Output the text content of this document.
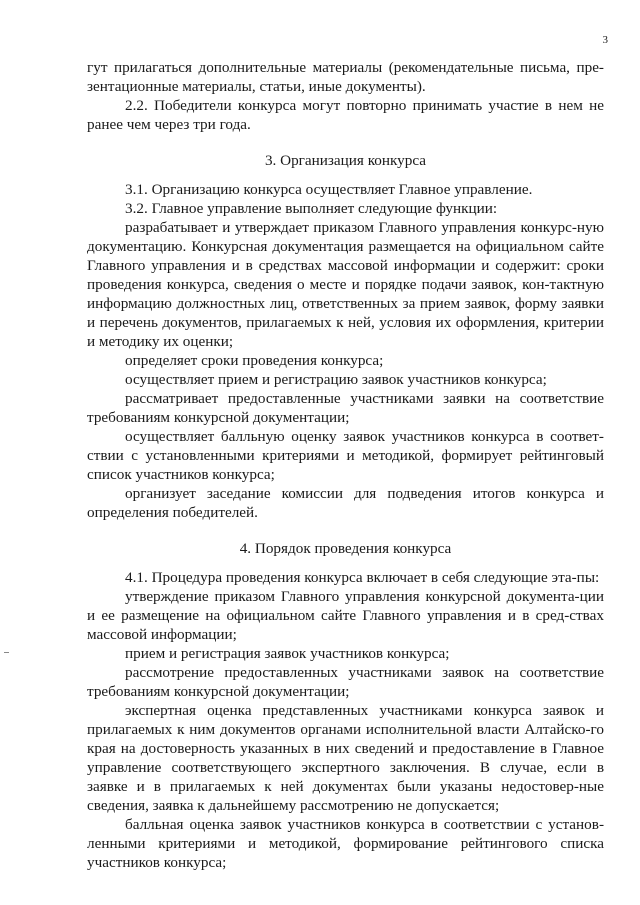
3

гут прилагаться дополнительные материалы (рекомендательные письма, пре-зентационные материалы, статьи, иные документы).

2.2. Победители конкурса могут повторно принимать участие в нем не ранее чем через три года.

3. Организация конкурса

3.1. Организацию конкурса осуществляет Главное управление.

3.2. Главное управление выполняет следующие функции:

разрабатывает и утверждает приказом Главного управления конкурс-ную документацию. Конкурсная документация размещается на официальном сайте Главного управления и в средствах массовой информации и содержит: сроки проведения конкурса, сведения о месте и порядке подачи заявок, кон-тактную информацию должностных лиц, ответственных за прием заявок, форму заявки и перечень документов, прилагаемых к ней, условия их оформления, критерии и методику их оценки;

определяет сроки проведения конкурса;

осуществляет прием и регистрацию заявок участников конкурса;

рассматривает предоставленные участниками заявки на соответствие требованиям конкурсной документации;

осуществляет балльную оценку заявок участников конкурса в соответ-ствии с установленными критериями и методикой, формирует рейтинговый список участников конкурса;

организует заседание комиссии для подведения итогов конкурса и определения победителей.

4. Порядок проведения конкурса

4.1. Процедура проведения конкурса включает в себя следующие эта-пы:

утверждение приказом Главного управления конкурсной документа-ции и ее размещение на официальном сайте Главного управления и в сред-ствах массовой информации;

прием и регистрация заявок участников конкурса;

рассмотрение предоставленных участниками заявок на соответствие требованиям конкурсной документации;

экспертная оценка представленных участниками конкурса заявок и прилагаемых к ним документов органами исполнительной власти Алтайско-го края на достоверность указанных в них сведений и предоставление в Главное управление соответствующего экспертного заключения. В случае, если в заявке и в прилагаемых к ней документах были указаны недостовер-ные сведения, заявка к дальнейшему рассмотрению не допускается;

балльная оценка заявок участников конкурса в соответствии с установ-ленными критериями и методикой, формирование рейтингового списка участников конкурса;
